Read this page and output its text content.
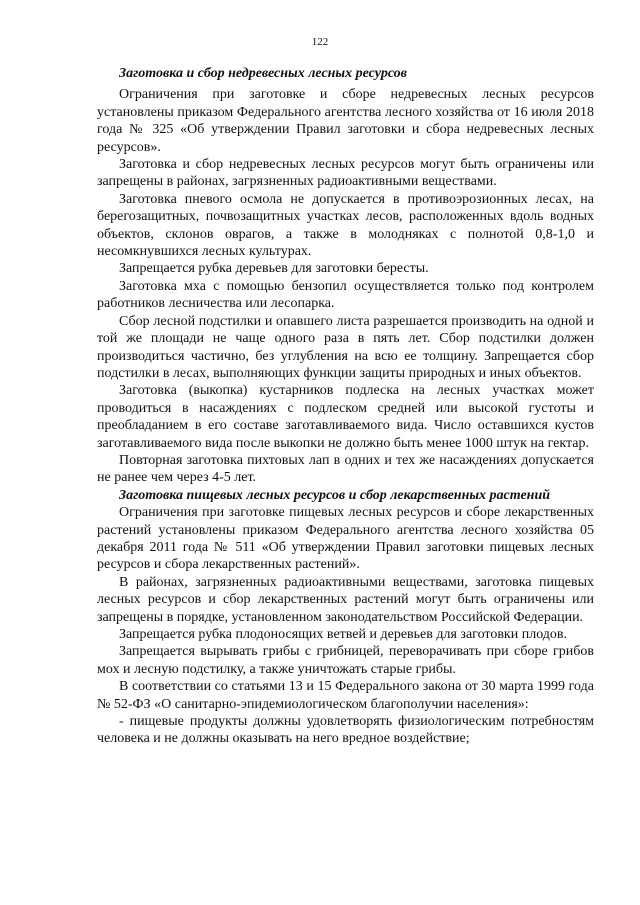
122

Заготовка и сбор недревесных лесных ресурсов

Ограничения при заготовке и сборе недревесных лесных ресурсов установлены приказом Федерального агентства лесного хозяйства от 16 июля 2018 года № 325 «Об утверждении Правил заготовки и сбора недревесных лесных ресурсов».

Заготовка и сбор недревесных лесных ресурсов могут быть ограничены или запрещены в районах, загрязненных радиоактивными веществами.

Заготовка пневого осмола не допускается в противоэрозионных лесах, на берегозащитных, почвозащитных участках лесов, расположенных вдоль водных объектов, склонов оврагов, а также в молодняках с полнотой 0,8-1,0 и несомкнувшихся лесных культурах.

Запрещается рубка деревьев для заготовки бересты.

Заготовка мха с помощью бензопил осуществляется только под контролем работников лесничества или лесопарка.

Сбор лесной подстилки и опавшего листа разрешается производить на одной и той же площади не чаще одного раза в пять лет. Сбор подстилки должен производиться частично, без углубления на всю ее толщину. Запрещается сбор подстилки в лесах, выполняющих функции защиты природных и иных объектов.

Заготовка (выкопка) кустарников подлеска на лесных участках может проводиться в насаждениях с подлеском средней или высокой густоты и преобладанием в его составе заготавливаемого вида. Число оставшихся кустов заготавливаемого вида после выкопки не должно быть менее 1000 штук на гектар.

Повторная заготовка пихтовых лап в одних и тех же насаждениях допускается не ранее чем через 4-5 лет.

Заготовка пищевых лесных ресурсов и сбор лекарственных растений

Ограничения при заготовке пищевых лесных ресурсов и сборе лекарственных растений установлены приказом Федерального агентства лесного хозяйства 05 декабря 2011 года № 511 «Об утверждении Правил заготовки пищевых лесных ресурсов и сбора лекарственных растений».

В районах, загрязненных радиоактивными веществами, заготовка пищевых лесных ресурсов и сбор лекарственных растений могут быть ограничены или запрещены в порядке, установленном законодательством Российской Федерации.

Запрещается рубка плодоносящих ветвей и деревьев для заготовки плодов.

Запрещается вырывать грибы с грибницей, переворачивать при сборе грибов мох и лесную подстилку, а также уничтожать старые грибы.

В соответствии со статьями 13 и 15 Федерального закона от 30 марта 1999 года № 52-ФЗ «О санитарно-эпидемиологическом благополучии населения»:

- пищевые продукты должны удовлетворять физиологическим потребностям человека и не должны оказывать на него вредное воздействие;
